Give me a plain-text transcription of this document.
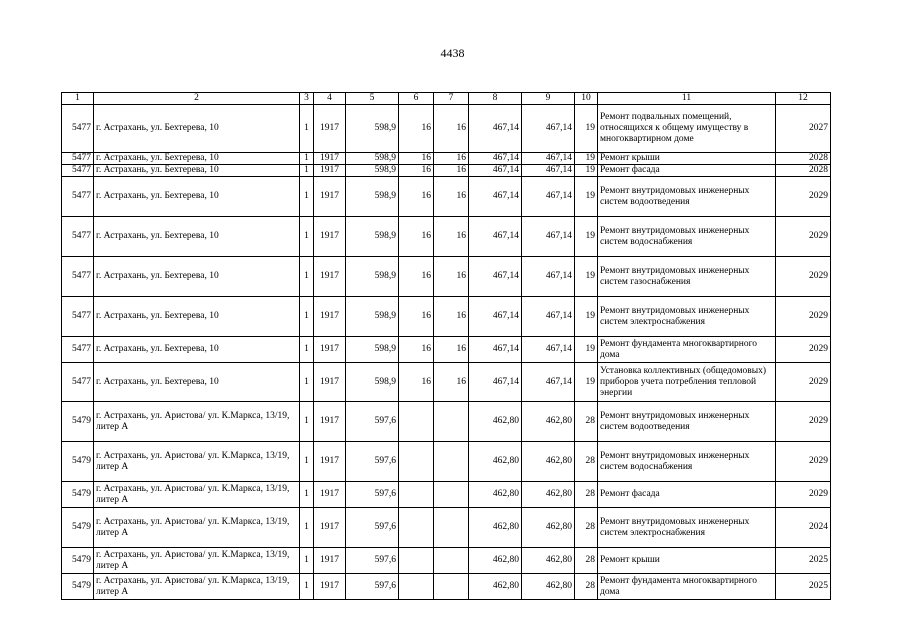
4438
1	2	3	4	5	6	7	8	9	10	11	12
5477	г. Астрахань, ул. Бехтерева, 10	1	1917	598,9	16	16	467,14	467,14	19	Ремонт подвальных помещений, относящихся к общему имуществу в многоквартирном доме	2027
5477	г. Астрахань, ул. Бехтерева, 10	1	1917	598,9	16	16	467,14	467,14	19	Ремонт крыши	2028
5477	г. Астрахань, ул. Бехтерева, 10	1	1917	598,9	16	16	467,14	467,14	19	Ремонт фасада	2028
5477	г. Астрахань, ул. Бехтерева, 10	1	1917	598,9	16	16	467,14	467,14	19	Ремонт внутридомовых инженерных систем водоотведения	2029
5477	г. Астрахань, ул. Бехтерева, 10	1	1917	598,9	16	16	467,14	467,14	19	Ремонт внутридомовых инженерных систем водоснабжения	2029
5477	г. Астрахань, ул. Бехтерева, 10	1	1917	598,9	16	16	467,14	467,14	19	Ремонт внутридомовых инженерных систем газоснабжения	2029
5477	г. Астрахань, ул. Бехтерева, 10	1	1917	598,9	16	16	467,14	467,14	19	Ремонт внутридомовых инженерных систем электроснабжения	2029
5477	г. Астрахань, ул. Бехтерева, 10	1	1917	598,9	16	16	467,14	467,14	19	Ремонт фундамента многоквартирного дома	2029
5477	г. Астрахань, ул. Бехтерева, 10	1	1917	598,9	16	16	467,14	467,14	19	Установка коллективных (общедомовых) приборов учета потребления тепловой энергии	2029
5479	г. Астрахань, ул. Аристова/ ул. К.Маркса, 13/19, литер А	1	1917	597,6			462,80	462,80	28	Ремонт внутридомовых инженерных систем водоотведения	2029
5479	г. Астрахань, ул. Аристова/ ул. К.Маркса, 13/19, литер А	1	1917	597,6			462,80	462,80	28	Ремонт внутридомовых инженерных систем водоснабжения	2029
5479	г. Астрахань, ул. Аристова/ ул. К.Маркса, 13/19, литер А	1	1917	597,6			462,80	462,80	28	Ремонт фасада	2029
5479	г. Астрахань, ул. Аристова/ ул. К.Маркса, 13/19, литер А	1	1917	597,6			462,80	462,80	28	Ремонт внутридомовых инженерных систем электроснабжения	2024
5479	г. Астрахань, ул. Аристова/ ул. К.Маркса, 13/19, литер А	1	1917	597,6			462,80	462,80	28	Ремонт крыши	2025
5479	г. Астрахань, ул. Аристова/ ул. К.Маркса, 13/19, литер А	1	1917	597,6			462,80	462,80	28	Ремонт фундамента многоквартирного дома	2025
